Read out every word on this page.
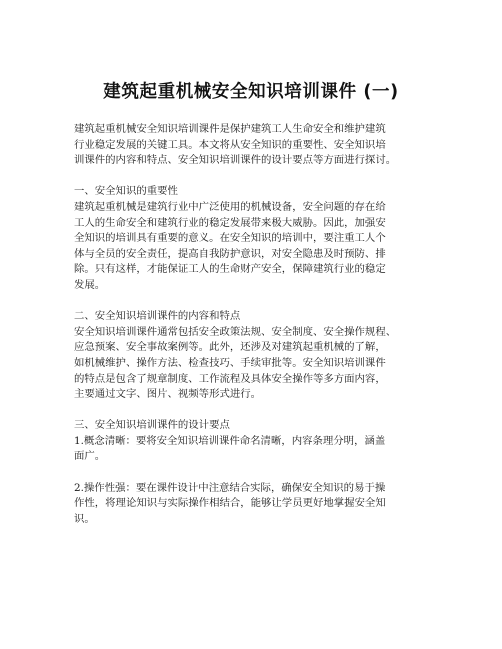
建筑起重机械安全知识培训课件 (一)
建筑起重机械安全知识培训课件是保护建筑工人生命安全和维护建筑
行业稳定发展的关键工具。本文将从安全知识的重要性、安全知识培
训课件的内容和特点、安全知识培训课件的设计要点等方面进行探讨。
一、安全知识的重要性
建筑起重机械是建筑行业中广泛使用的机械设备，安全问题的存在给
工人的生命安全和建筑行业的稳定发展带来极大威胁。因此，加强安
全知识的培训具有重要的意义。在安全知识的培训中，要注重工人个
体与全员的安全责任，提高自我防护意识，对安全隐患及时预防、排
除。只有这样，才能保证工人的生命财产安全，保障建筑行业的稳定
发展。
二、安全知识培训课件的内容和特点
安全知识培训课件通常包括安全政策法规、安全制度、安全操作规程、
应急预案、安全事故案例等。此外，还涉及对建筑起重机械的了解，
如机械维护、操作方法、检查技巧、手续审批等。安全知识培训课件
的特点是包含了规章制度、工作流程及具体安全操作等多方面内容，
主要通过文字、图片、视频等形式进行。
三、安全知识培训课件的设计要点
1.概念清晰：要将安全知识培训课件命名清晰，内容条理分明，涵盖
面广。
2.操作性强：要在课件设计中注意结合实际，确保安全知识的易于操
作性，将理论知识与实际操作相结合，能够让学员更好地掌握安全知
识。
